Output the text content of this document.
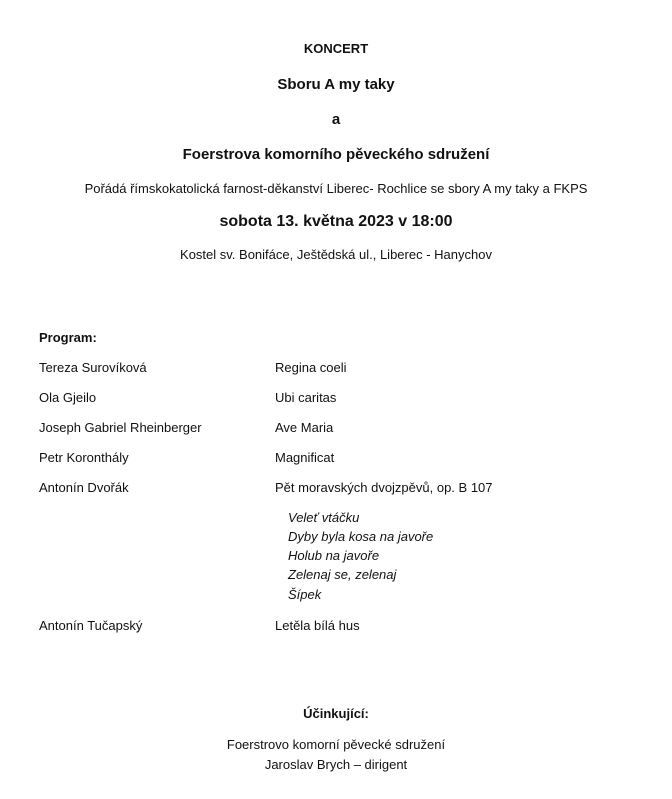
KONCERT
Sboru A my taky
a
Foerstrova komorního pěveckého sdružení
Pořádá římskokatolická farnost-děkanství Liberec- Rochlice se sbory A my taky a FKPS
sobota 13. května 2023 v 18:00
Kostel sv. Bonifáce, Ještědská ul., Liberec - Hanychov
Program:
Tereza Surovíková	Regina coeli
Ola Gjeilo	Ubi caritas
Joseph Gabriel Rheinberger	Ave Maria
Petr Koronthály	Magnificat
Antonín Dvořák	Pět moravských dvojzpěvů, op. B 107
Veleť vtáčku
Dyby byla kosa na javoře
Holub na javoře
Zelenaj se, zelenaj
Šípek
Antonín Tučapský	Letěla bílá hus
Účinkující:
Foerstrovo komorní pěvecké sdružení
Jaroslav Brych – dirigent
